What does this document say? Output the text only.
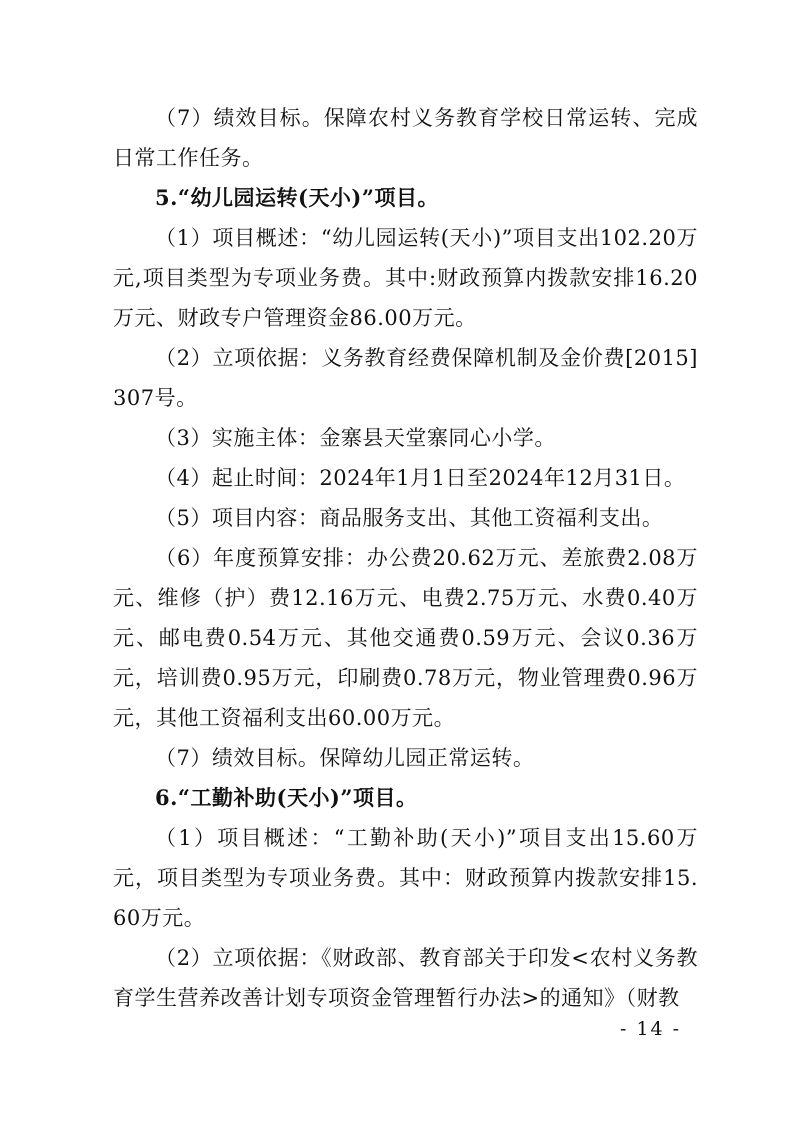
（7）绩效目标。保障农村义务教育学校日常运转、完成日常工作任务。

5.“幼儿园运转(天小)”项目。

（1）项目概述：“幼儿园运转(天小)”项目支出102.20万元,项目类型为专项业务费。其中:财政预算内拨款安排16.20万元、财政专户管理资金86.00万元。

（2）立项依据：义务教育经费保障机制及金价费[2015]307号。

（3）实施主体：金寨县天堂寨同心小学。

（4）起止时间：2024年1月1日至2024年12月31日。

（5）项目内容：商品服务支出、其他工资福利支出。

（6）年度预算安排：办公费20.62万元、差旅费2.08万元、维修（护）费12.16万元、电费2.75万元、水费0.40万元、邮电费0.54万元、其他交通费0.59万元、会议0.36万元，培训费0.95万元，印刷费0.78万元，物业管理费0.96万元，其他工资福利支出60.00万元。

（7）绩效目标。保障幼儿园正常运转。

6.“工勤补助(天小)”项目。

（1）项目概述：“工勤补助(天小)”项目支出15.60万元，项目类型为专项业务费。其中：财政预算内拨款安排15.60万元。

（2）立项依据：《财政部、教育部关于印发<农村义务教育学生营养改善计划专项资金管理暂行办法>的通知》（财教

- 14 -
